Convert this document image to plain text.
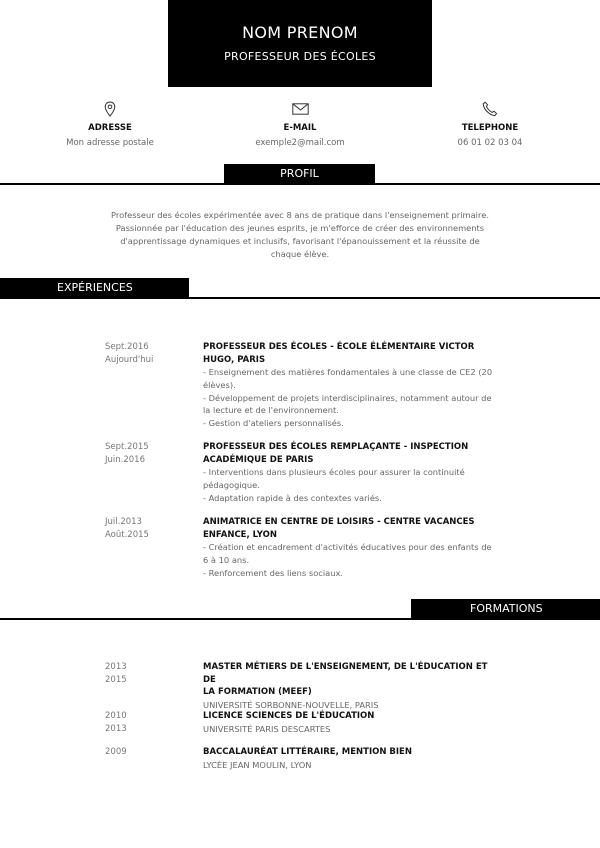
NOM PRENOM
PROFESSEUR DES ÉCOLES
ADRESSE
Mon adresse postale
E-MAIL
exemple2@mail.com
TELEPHONE
06 01 02 03 04
PROFIL
Professeur des écoles expérimentée avec 8 ans de pratique dans l'enseignement primaire.
Passionnée par l'éducation des jeunes esprits, je m'efforce de créer des environnements
d'apprentissage dynamiques et inclusifs, favorisant l'épanouissement et la réussite de
chaque élève.
EXPÉRIENCES
Sept.2016
Aujourd'hui
PROFESSEUR DES ÉCOLES - ÉCOLE ÉLÉMENTAIRE VICTOR
HUGO, PARIS
- Enseignement des matières fondamentales à une classe de CE2 (20
élèves).
- Développement de projets interdisciplinaires, notamment autour de
la lecture et de l'environnement.
- Gestion d'ateliers personnalisés.
Sept.2015
Juin.2016
PROFESSEUR DES ÉCOLES REMPLAÇANTE - INSPECTION
ACADÉMIQUE DE PARIS
- Interventions dans plusieurs écoles pour assurer la continuité
pédagogique.
- Adaptation rapide à des contextes variés.
Juil.2013
Août.2015
ANIMATRICE EN CENTRE DE LOISIRS - CENTRE VACANCES
ENFANCE, LYON
- Création et encadrement d'activités éducatives pour des enfants de
6 à 10 ans.
- Renforcement des liens sociaux.
FORMATIONS
2013
2015
MASTER MÉTIERS DE L'ENSEIGNEMENT, DE L'ÉDUCATION ET DE
LA FORMATION (MEEF)
UNIVERSITÉ SORBONNE-NOUVELLE, PARIS
2010
2013
LICENCE SCIENCES DE L'ÉDUCATION
UNIVERSITÉ PARIS DESCARTES
2009	BACCALAURÉAT LITTÉRAIRE, MENTION BIEN
LYCÉE JEAN MOULIN, LYON
